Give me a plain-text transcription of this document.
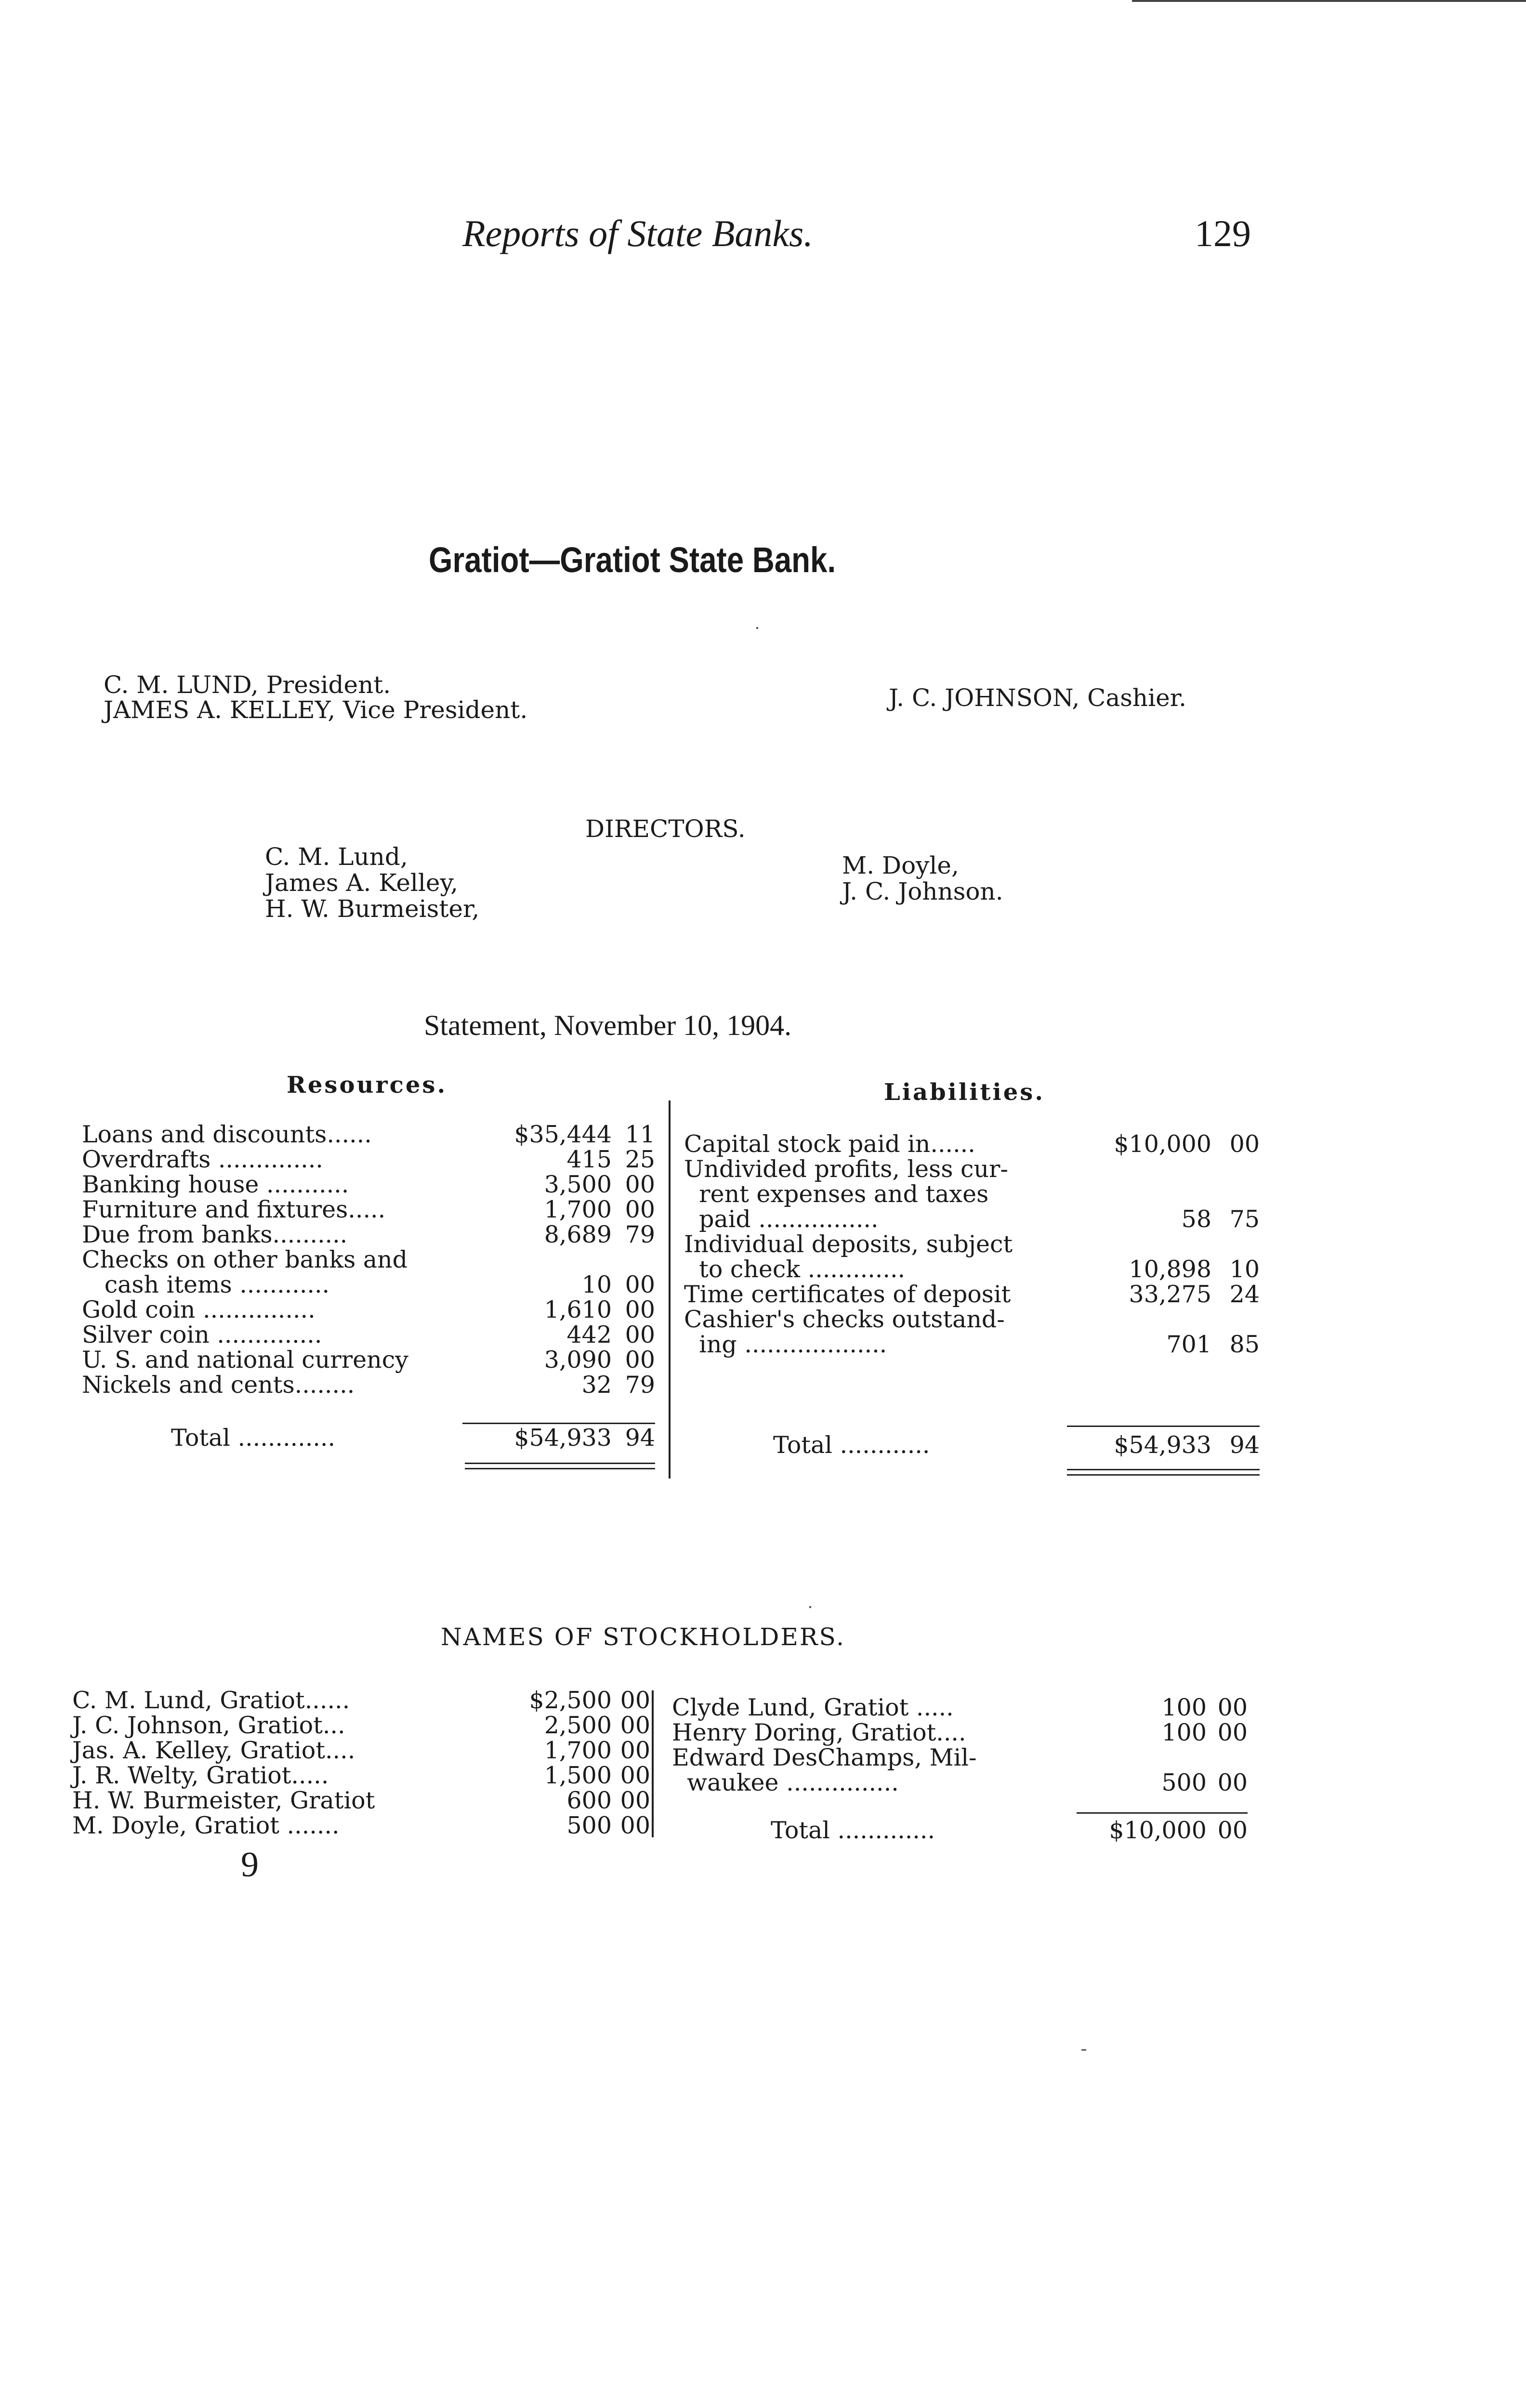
Reports of State Banks.	129
Gratiot—Gratiot State Bank.
C. M. LUND, President.
JAMES A. KELLEY, Vice President.	J. C. JOHNSON, Cashier.
DIRECTORS.
C. M. Lund,
James A. Kelley,
H. W. Burmeister,
M. Doyle,
J. C. Johnson.
Statement, November 10, 1904.
Resources.	Liabilities.
Loans and discounts......	$35,444 11
Overdrafts ..............	415 25
Banking house ...........	3,500 00
Furniture and fixtures.....	1,700 00
Due from banks..........	8,689 79
Checks on other banks and
cash items ............	10 00
Gold coin ...............	1,610 00
Silver coin ..............	442 00
U. S. and national currency	3,090 00
Nickels and cents........	32 79
Capital stock paid in......	$10,000 00
Undivided profits, less cur-
rent expenses and taxes
paid ................	58 75
Individual deposits, subject
to check .............	10,898 10
Time certificates of deposit	33,275 24
Cashier's checks outstand-
ing ...................	701 85
Total .............	$54,933 94	Total ............	$54,933 94
NAMES OF STOCKHOLDERS.
C. M. Lund, Gratiot......	$2,500 00
J. C. Johnson, Gratiot...	2,500 00
Jas. A. Kelley, Gratiot....	1,700 00
J. R. Welty, Gratiot.....	1,500 00
H. W. Burmeister, Gratiot	600 00
M. Doyle, Gratiot .......	500 00
Clyde Lund, Gratiot .....	100 00
Henry Doring, Gratiot....	100 00
Edward DesChamps, Mil-
waukee ...............	500 00
Total .............	$10,000 00
9
